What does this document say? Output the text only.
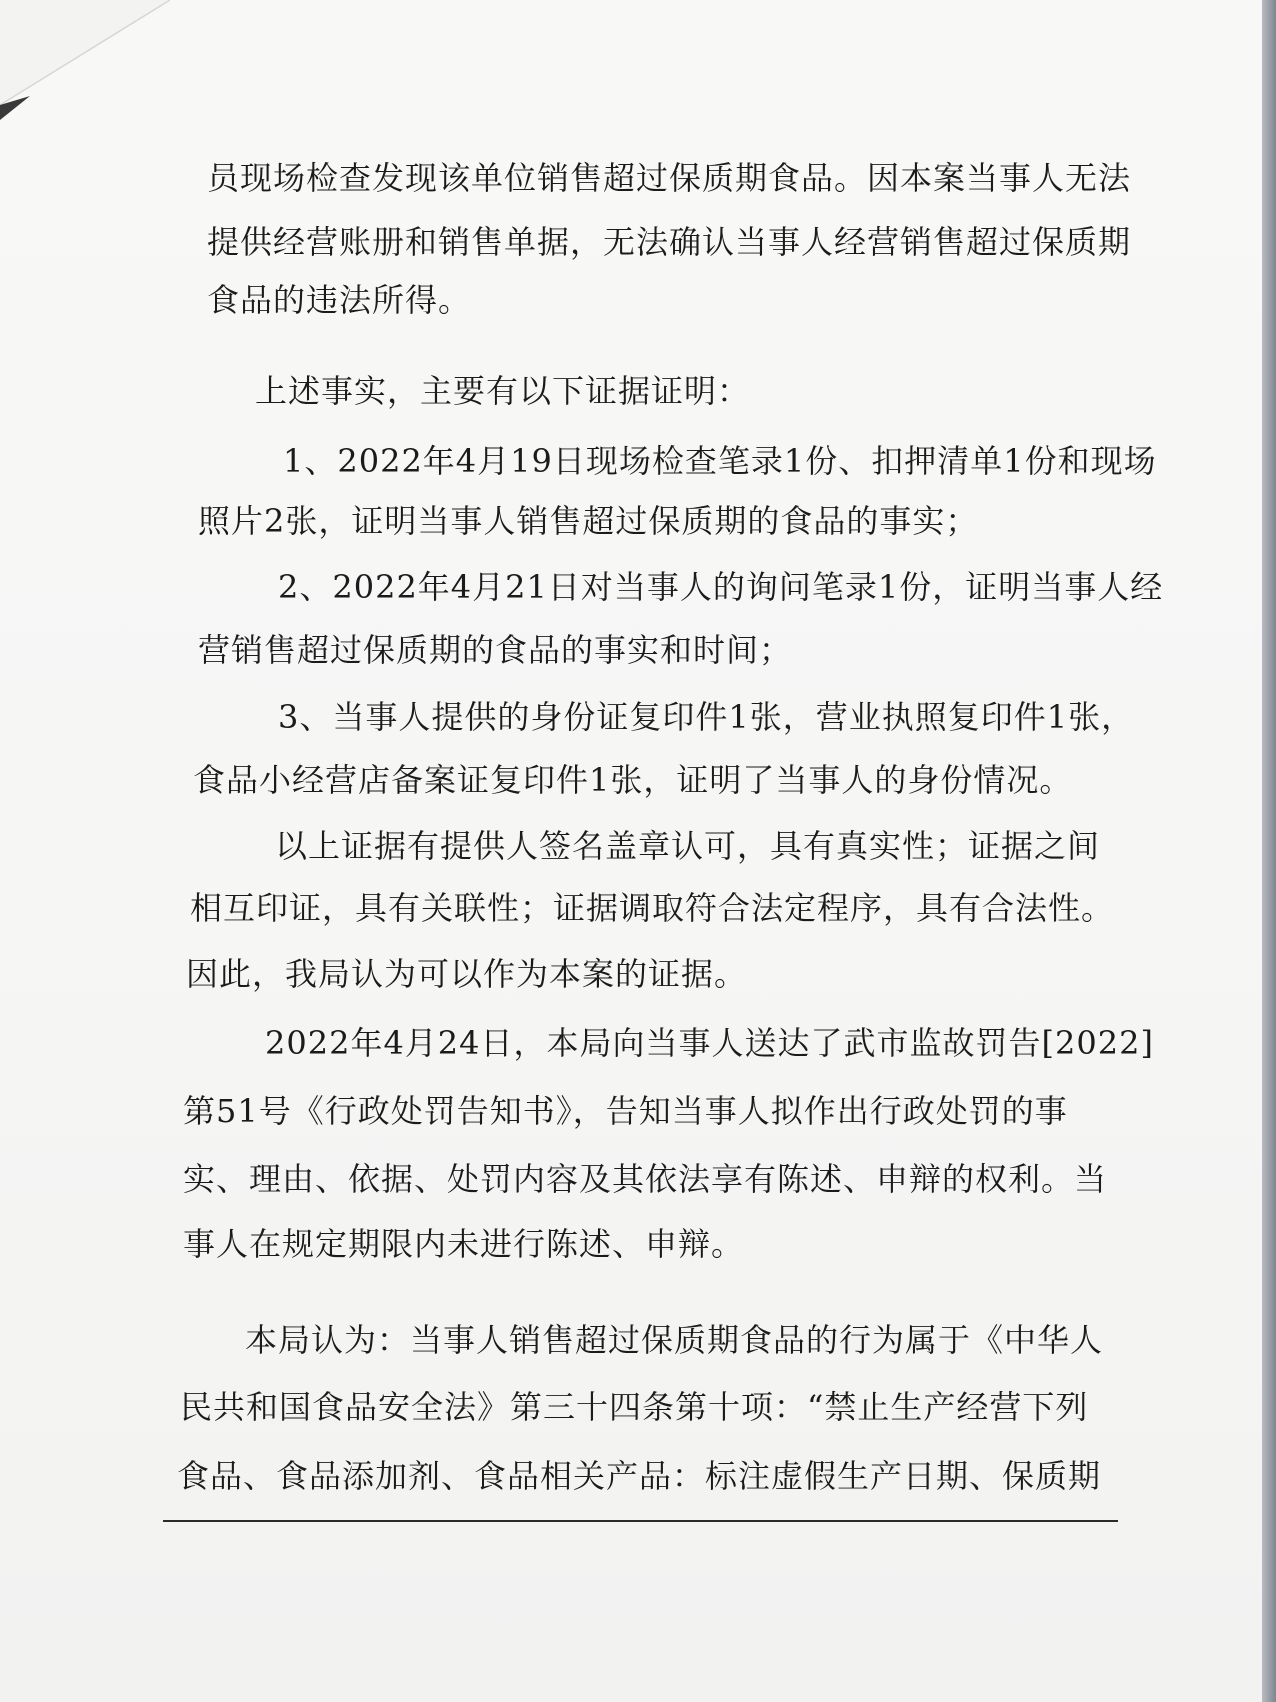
员现场检查发现该单位销售超过保质期食品。因本案当事人无法
提供经营账册和销售单据，无法确认当事人经营销售超过保质期
食品的违法所得。
上述事实，主要有以下证据证明：
1、2022年4月19日现场检查笔录1份、扣押清单1份和现场
照片2张，证明当事人销售超过保质期的食品的事实；
2、2022年4月21日对当事人的询问笔录1份，证明当事人经
营销售超过保质期的食品的事实和时间；
3、当事人提供的身份证复印件1张，营业执照复印件1张，
食品小经营店备案证复印件1张，证明了当事人的身份情况。
以上证据有提供人签名盖章认可，具有真实性；证据之间
相互印证，具有关联性；证据调取符合法定程序，具有合法性。
因此，我局认为可以作为本案的证据。
2022年4月24日，本局向当事人送达了武市监故罚告[2022]
第51号《行政处罚告知书》，告知当事人拟作出行政处罚的事
实、理由、依据、处罚内容及其依法享有陈述、申辩的权利。当
事人在规定期限内未进行陈述、申辩。
本局认为：当事人销售超过保质期食品的行为属于《中华人
民共和国食品安全法》第三十四条第十项：“禁止生产经营下列
食品、食品添加剂、食品相关产品：标注虚假生产日期、保质期
